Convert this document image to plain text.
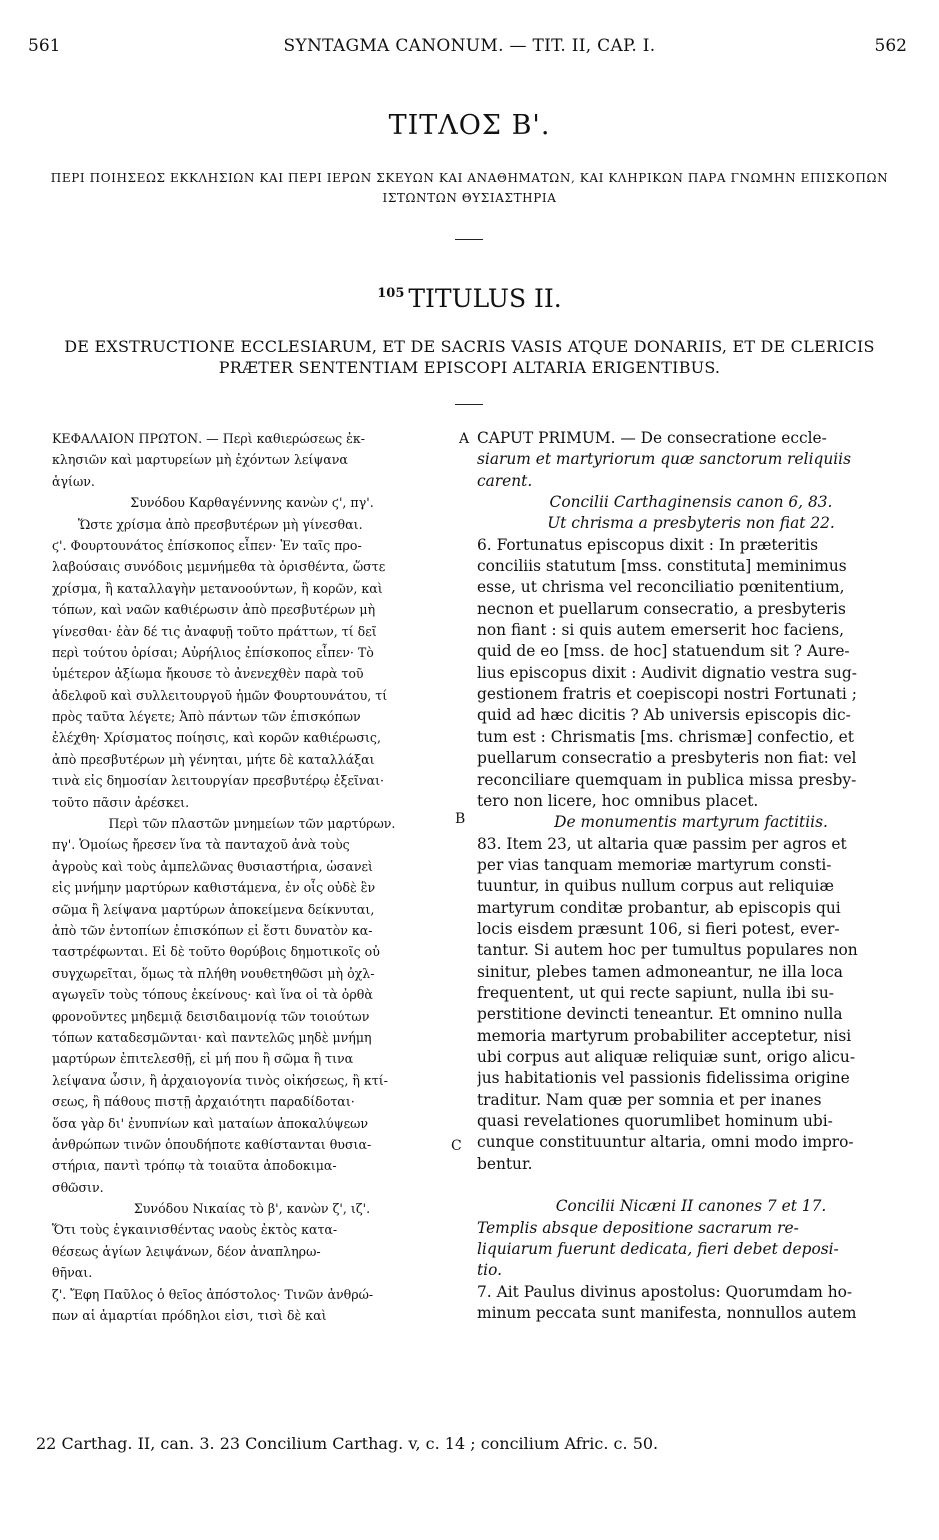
561	SYNTAGMA CANONUM. — TIT. II, CAP. I.	562
ΤΙΤΛΟΣ Β'.
ΠΕΡΙ ΠΟΙΗΣΕΩΣ ΕΚΚΛΗΣΙΩΝ ΚΑΙ ΠΕΡΙ ΙΕΡΩΝ ΣΚΕΥΩΝ ΚΑΙ ΑΝΑΘΗΜΑΤΩΝ, ΚΑΙ ΚΛΗΡΙΚΩΝ ΠΑΡΑ ΓΝΩΜΗΝ ΕΠΙΣΚΟΠΩΝ ΙΣΤΩΝΤΩΝ ΘΥΣΙΑΣΤΗΡΙΑ
$^{105}$ TITULUS II.
DE EXSTRUCTIONE ECCLESIARUM, ET DE SACRIS VASIS ATQUE DONARIIS, ET DE CLERICIS PRÆTER SENTENTIAM EPISCOPI ALTARIA ERIGENTIBUS.
ΚΕΦΑΛΑΙΟΝ ΠΡΩΤΟΝ. — Περὶ καθιερώσεως ἐκ-
κλησιῶν καὶ μαρτυρείων μὴ ἐχόντων λείψανα
ἁγίων.
Συνόδου Καρθαγένννης κανὼν ϛ', πγ'.
Ὥστε χρίσμα ἀπὸ πρεσβυτέρων μὴ γίνεσθαι.
ϛ'. Φουρτουνάτος ἐπίσκοπος εἶπεν· Ἐν ταῖς προ-
λαβούσαις συνόδοις μεμνήμεθα τὰ ὁρισθέντα, ὥστε
χρίσμα, ἢ καταλλαγὴν μετανοούντων, ἢ κορῶν, καὶ
τόπων, καὶ ναῶν καθιέρωσιν ἀπὸ πρεσβυτέρων μὴ
γίνεσθαι· ἐὰν δέ τις ἀναφυῇ τοῦτο πράττων, τί δεῖ
περὶ τούτου ὁρίσαι; Αὐρήλιος ἐπίσκοπος εἶπεν· Τὸ
ὑμέτερον ἀξίωμα ἤκουσε τὸ ἀνενεχθὲν παρὰ τοῦ
ἀδελφοῦ καὶ συλλειτουργοῦ ἡμῶν Φουρτουνάτου, τί
πρὸς ταῦτα λέγετε; Ἀπὸ πάντων τῶν ἐπισκόπων
ἐλέχθη· Χρίσματος ποίησις, καὶ κορῶν καθιέρωσις,
ἀπὸ πρεσβυτέρων μὴ γένηται, μήτε δὲ καταλλάξαι
τινὰ εἰς δημοσίαν λειτουργίαν πρεσβυτέρῳ ἐξεῖναι·
τοῦτο πᾶσιν ἀρέσκει.
Περὶ τῶν πλαστῶν μνημείων τῶν μαρτύρων.
πγ'. Ὁμοίως ἤρεσεν ἵνα τὰ πανταχοῦ ἀνὰ τοὺς
ἀγροὺς καὶ τοὺς ἀμπελῶνας θυσιαστήρια, ὡσανεὶ
εἰς μνήμην μαρτύρων καθιστάμενα, ἐν οἷς οὐδὲ ἓν
σῶμα ἢ λείψανα μαρτύρων ἀποκείμενα δείκνυται,
ἀπὸ τῶν ἐντοπίων ἐπισκόπων εἰ ἔστι δυνατὸν κα-
ταστρέφωνται. Εἰ δὲ τοῦτο θορύβοις δημοτικοῖς οὐ
συγχωρεῖται, ὅμως τὰ πλήθη νουθετηθῶσι μὴ ὀχλ-
αγωγεῖν τοὺς τόπους ἐκείνους· καὶ ἵνα οἱ τὰ ὀρθὰ
φρονοῦντες μηδεμιᾷ δεισιδαιμονίᾳ τῶν τοιούτων
τόπων καταδεσμῶνται· καὶ παντελῶς μηδὲ μνήμη
μαρτύρων ἐπιτελεσθῇ, εἰ μή που ἢ σῶμα ἢ τινα
λείψανα ὦσιν, ἢ ἀρχαιογονία τινὸς οἰκήσεως, ἢ κτί-
σεως, ἢ πάθους πιστῇ ἀρχαιότητι παραδίδοται·
ὅσα γὰρ δι' ἐνυπνίων καὶ ματαίων ἀποκαλύψεων
ἀνθρώπων τινῶν ὁπουδήποτε καθίστανται θυσια-
στήρια, παντὶ τρόπῳ τὰ τοιαῦτα ἀποδοκιμα-
σθῶσιν.
Συνόδου Νικαίας τὸ β', κανὼν ζ', ιζ'.
Ὅτι τοὺς ἐγκαινισθέντας ναοὺς ἐκτὸς κατα-
θέσεως ἁγίων λειψάνων, δέον ἀναπληρω-
θῆναι.
ζ'. Ἔφη Παῦλος ὁ θεῖος ἀπόστολος· Τινῶν ἀνθρώ-
πων αἱ ἁμαρτίαι πρόδηλοι εἰσι, τισὶ δὲ καὶ
A
B
C
CAPUT PRIMUM. — De consecratione eccle-
siarum et martyriorum quæ sanctorum reliquiis
carent.
Concilii Carthaginensis canon 6, 83.
Ut chrisma a presbyteris non fiat 22.
6. Fortunatus episcopus dixit : In præteritis
conciliis statutum [mss. constituta] meminimus
esse, ut chrisma vel reconciliatio pœnitentium,
necnon et puellarum consecratio, a presbyteris
non fiant : si quis autem emerserit hoc faciens,
quid de eo [mss. de hoc] statuendum sit ? Aure-
lius episcopus dixit : Audivit dignatio vestra sug-
gestionem fratris et coepiscopi nostri Fortunati ;
quid ad hæc dicitis ? Ab universis episcopis dic-
tum est : Chrismatis [ms. chrismæ] confectio, et
puellarum consecratio a presbyteris non fiat: vel
reconciliare quemquam in publica missa presby-
tero non licere, hoc omnibus placet.
De monumentis martyrum factitiis.
83. Item 23, ut altaria quæ passim per agros et
per vias tanquam memoriæ martyrum consti-
tuuntur, in quibus nullum corpus aut reliquiæ
martyrum conditæ probantur, ab episcopis qui
locis eisdem præsunt 106, si fieri potest, ever-
tantur. Si autem hoc per tumultus populares non
sinitur, plebes tamen admoneantur, ne illa loca
frequentent, ut qui recte sapiunt, nulla ibi su-
perstitione devincti teneantur. Et omnino nulla
memoria martyrum probabiliter acceptetur, nisi
ubi corpus aut aliquæ reliquiæ sunt, origo alicu-
jus habitationis vel passionis fidelissima origine
traditur. Nam quæ per somnia et per inanes
quasi revelationes quorumlibet hominum ubi-
cunque constituuntur altaria, omni modo impro-
bentur.
Concilii Nicæni II canones 7 et 17.
Templis absque depositione sacrarum re-
liquiarum fuerunt dedicata, fieri debet deposi-
tio.
7. Ait Paulus divinus apostolus: Quorumdam ho-
minum peccata sunt manifesta, nonnullos autem
22 Carthag. II, can. 3. 23 Concilium Carthag. v, c. 14 ; concilium Afric. c. 50.
